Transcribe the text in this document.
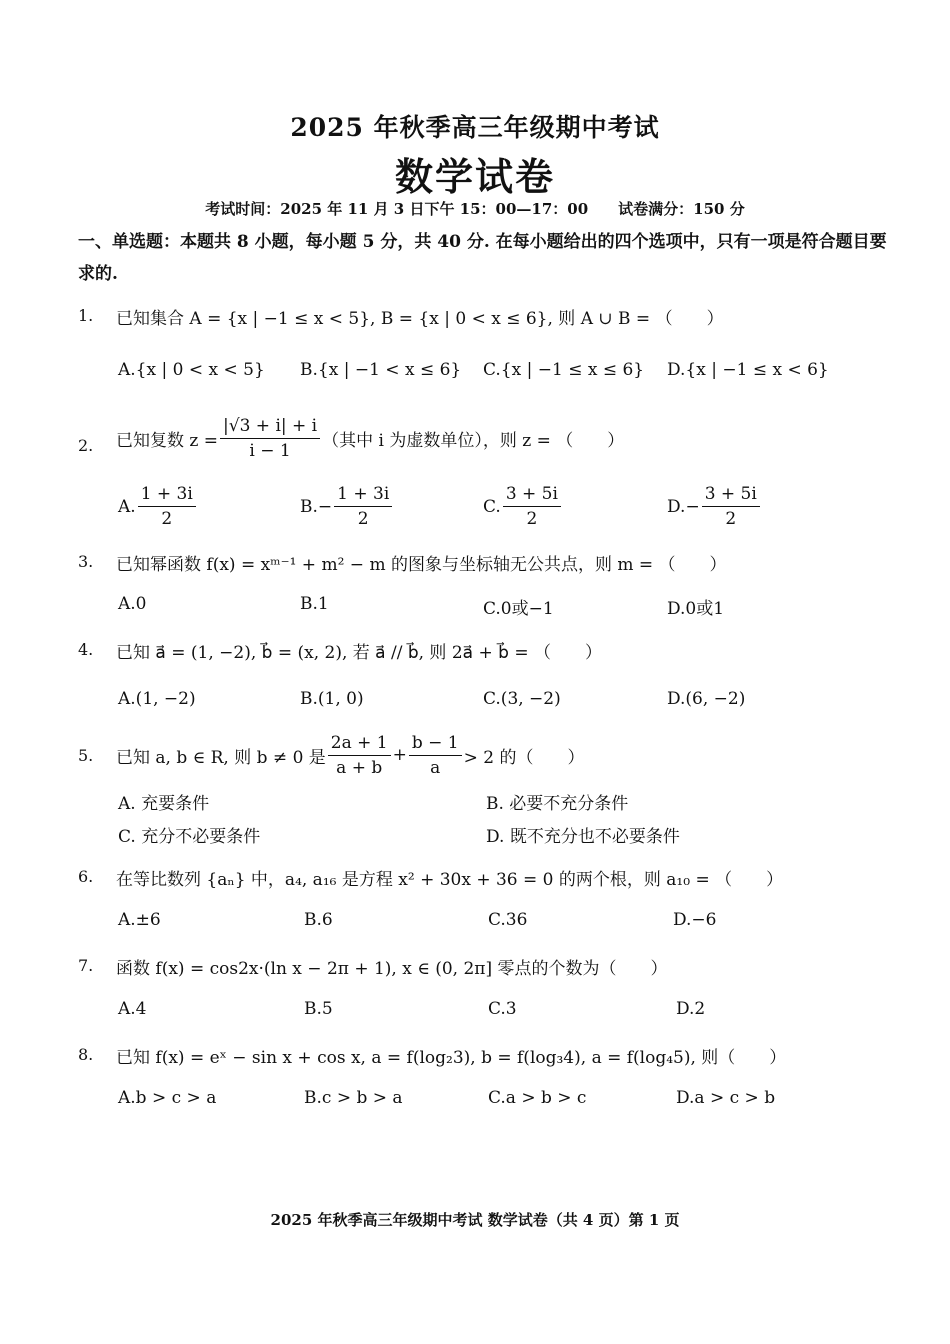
2025 年秋季高三年级期中考试
数学试卷
考试时间：2025 年 11 月 3 日下午 15：00—17：00　　试卷满分：150 分
一、单选题：本题共 8 小题，每小题 5 分，共 40 分. 在每小题给出的四个选项中，只有一项是符合题目要求的.
1. 已知集合 A = {x | −1 ≤ x < 5}, B = {x | 0 < x ≤ 6}, 则 A ∪ B = （　　）
A.{x | 0 < x < 5} B.{x | −1 < x ≤ 6} C.{x | −1 ≤ x ≤ 6} D.{x | −1 ≤ x < 6}
2. 已知复数 $z = \frac{|√3 + i| + i}{i - 1}$ （其中 i 为虚数单位），则 z = （　　）
A. $\frac{1 + 3i}{2}$	B. − $\frac{1 + 3i}{2}$	C. $\frac{3 + 5i}{2}$	D. − $\frac{3 + 5i}{2}$
3. 已知幂函数 f(x) = xᵐ⁻¹ + m² − m 的图象与坐标轴无公共点，则 m = （　　）
A.0	B.1	C.0或−1	D.0或1
4. 已知 a⃗ = (1, −2), b⃗ = (x, 2), 若 a⃗ // b⃗, 则 2a⃗ + b⃗ = （　　）
A.(1, −2)	B.(1, 0)	C.(3, −2)	D.(6, −2)
5. 已知 a, b ∈ R, 则 b ≠ 0 是 $\frac{2a + 1}{a + b} + \frac{b - 1}{a} > 2$ 的（　　）
A. 充要条件	B. 必要不充分条件
C. 充分不必要条件	D. 既不充分也不必要条件
6. 在等比数列 {aₙ} 中，a₄, a₁₆ 是方程 x² + 30x + 36 = 0 的两个根，则 a₁₀ = （　　）
A.±6	B.6	C.36	D.−6
7. 函数 f(x) = cos2x·(ln x − 2π + 1), x ∈ (0, 2π] 零点的个数为（　　）
A.4	B.5	C.3	D.2
8. 已知 f(x) = eˣ − sin x + cos x, a = f(log₂3), b = f(log₃4), a = f(log₄5), 则（　　）
A.b > c > a	B.c > b > a	C.a > b > c	D.a > c > b
2025 年秋季高三年级期中考试 数学试卷（共 4 页）第 1 页
